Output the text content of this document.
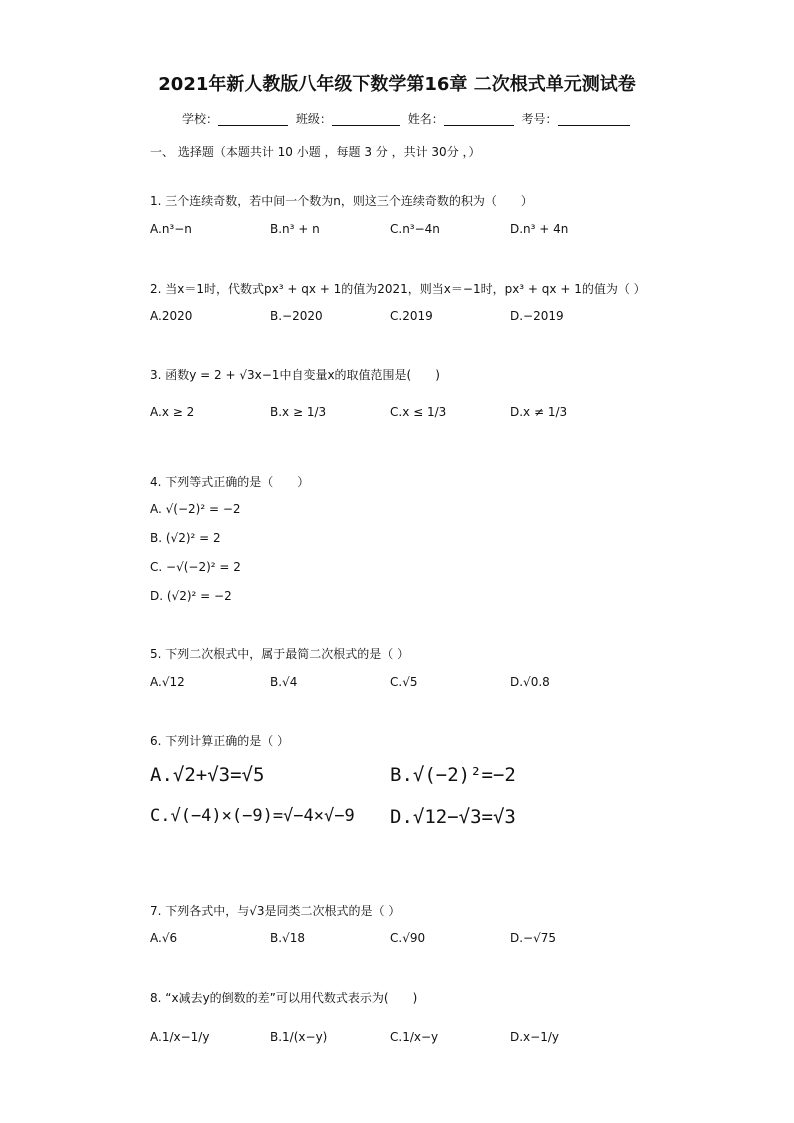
2021年新人教版八年级下数学第16章 二次根式单元测试卷
学校：	班级：	姓名：	考号：
一、 选择题（本题共计 10 小题 ，每题 3 分 ，共计 30分 ，）
1. 三个连续奇数，若中间一个数为n，则这三个连续奇数的积为（　　）
A.n³−n	B.n³ + n	C.n³−4n	D.n³ + 4n
2. 当x＝1时，代数式px³ + qx + 1的值为2021，则当x＝−1时，px³ + qx + 1的值为（ ）
A.2020	B.−2020	C.2019	D.−2019
3. 函数y = 2 + √3x−1中自变量x的取值范围是(　　)
A.x ≥ 2	B.x ≥ 1/3	C.x ≤ 1/3	D.x ≠ 1/3
4. 下列等式正确的是（　　）
A. √(−2)² = −2
B. (√2)² = 2
C. −√(−2)² = 2
D. (√2)² = −2
5. 下列二次根式中，属于最简二次根式的是（ ）
A.√12	B.√4	C.√5	D.√0.8
6. 下列计算正确的是（ ）
A.√2+√3=√5	B.√(−2)²=−2
C.√(−4)×(−9)=√−4×√−9 D.√12−√3=√3
7. 下列各式中，与√3是同类二次根式的是（ ）
A.√6	B.√18	C.√90	D.−√75
8. “x减去y的倒数的差”可以用代数式表示为(　　)
A.1/x−1/y	B.1/(x−y)	C.1/x−y	D.x−1/y
